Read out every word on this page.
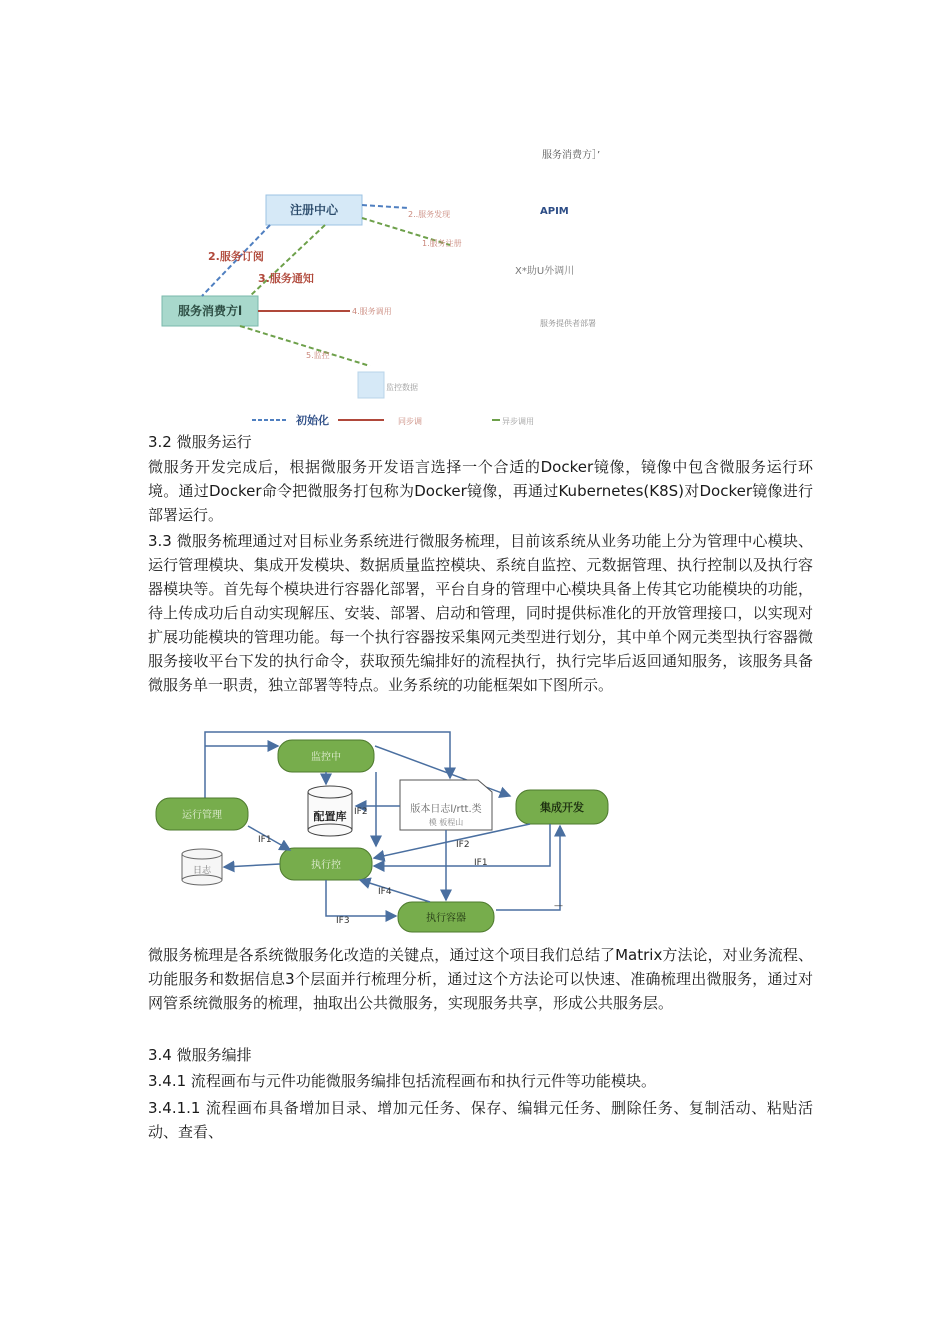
服务消费方］’
注册中心
服务消费方l
2.服务订阅
3.服务通知
2..服务发现
1.服务注册
APIM
X*助U外调川
服务提供者部署
4.服务调用
5.监控
监控数据
初始化	同步调	异步调用
3.2 微服务运行
微服务开发完成后，根据微服务开发语言选择一个合适的Docker镜像，镜像中包含微服务运行环境。通过Docker命令把微服务打包称为Docker镜像，再通过Kubernetes(K8S)对Docker镜像进行部署运行。
3.3 微服务梳理通过对目标业务系统进行微服务梳理，目前该系统从业务功能上分为管理中心模块、运行管理模块、集成开发模块、数据质量监控模块、系统自监控、元数据管理、执行控制以及执行容器模块等。首先每个模块进行容器化部署，平台自身的管理中心模块具备上传其它功能模块的功能，待上传成功后自动实现解压、安装、部署、启动和管理，同时提供标准化的开放管理接口，以实现对扩展功能模块的管理功能。每一个执行容器按采集网元类型进行划分，其中单个网元类型执行容器微服务接收平台下发的执行命令，获取预先编排好的流程执行，执行完毕后返回通知服务，该服务具备微服务单一职责，独立部署等特点。业务系统的功能框架如下图所示。
监控中
运行管理	配置库
版本日志l/rtt.类
模 板程山
集成开发
执行控
日志
执行容器
IF1
IF2
IF2
IF1
IF4
IF3
—
微服务梳理是各系统微服务化改造的关键点，通过这个项目我们总结了Matrix方法论，对业务流程、功能服务和数据信息3个层面并行梳理分析，通过这个方法论可以快速、准确梳理出微服务，通过对网管系统微服务的梳理，抽取出公共微服务，实现服务共享，形成公共服务层。
3.4 微服务编排
3.4.1 流程画布与元件功能微服务编排包括流程画布和执行元件等功能模块。
3.4.1.1 流程画布具备增加目录、增加元任务、保存、编辑元任务、删除任务、复制活动、粘贴活动、查看、
